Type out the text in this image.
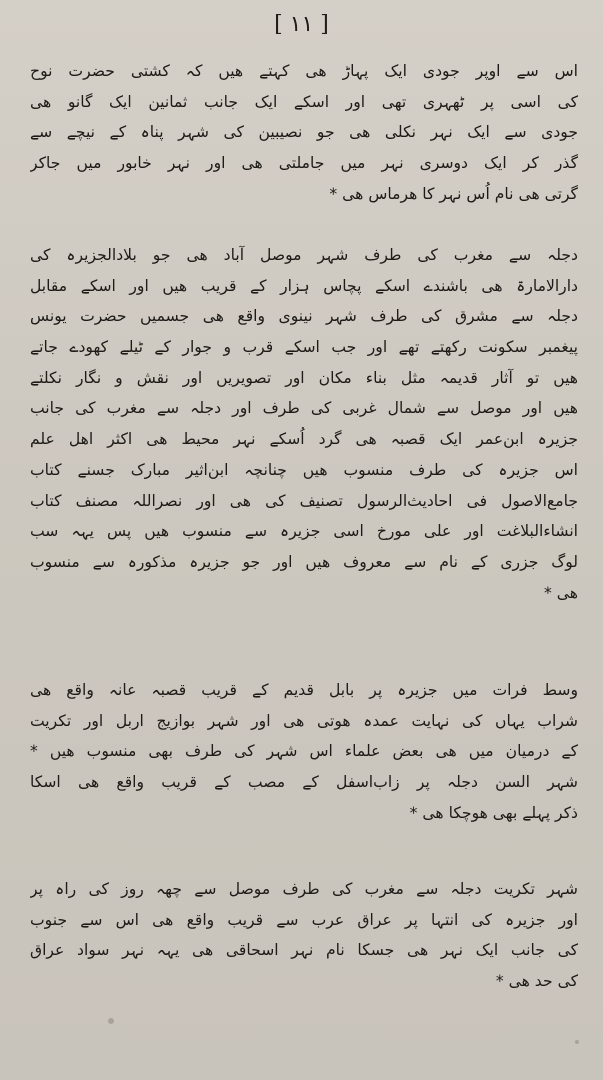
[ ۱۱ ]
اس سے اوپر جودی ایک پہاڑ ھی کہتے ھیں کہ کشتی حضرت نوح
کی اسی پر ٹھہری تھی اور اسکے ایک جانب ثمانین ایک گانو ھی
جودی سے ایک نہر نکلی ھی جو نصیبین کی شہر پناہ کے نیچے سے
گذر کر ایک دوسری نہر میں جاملتی ھی اور نہر خابور میں جاکر
گرتی ھی نام اُس نہر کا ھرماس ھی *
دجلہ سے مغرب کی طرف شہر موصل آباد ھی جو بلادالجزیرہ کی
دارالامارۃ ھی باشندے اسکے پچاس ہزار کے قریب ھیں اور اسکے مقابل
دجلہ سے مشرق کی طرف شہر نینوی واقع ھی جسمیں حضرت یونس
پیغمبر سکونت رکھتے تھے اور جب اسکے قرب و جوار کے ٹیلے کھودے جاتے
ھیں تو آثار قدیمہ مثل بناء مکان اور تصویریں اور نقش و نگار نکلتے
ھیں اور موصل سے شمال غربی کی طرف اور دجلہ سے مغرب کی جانب
جزیرہ ابن‌عمر ایک قصبہ ھی گرد اُسکے نہر محیط ھی اکثر اھل علم
اس جزیرہ کی طرف منسوب ھیں چنانچہ ابن‌اثیر مبارک جسنے کتاب
جامع‌الاصول فی احادیث‌الرسول تصنیف کی ھی اور نصراللہ مصنف کتاب
انشاءالبلاغت اور علی مورخ اسی جزیرہ سے منسوب ھیں پس یہہ سب
لوگ جزری کے نام سے معروف ھیں اور جو جزیرہ مذکورہ سے منسوب
ھی *
وسط فرات میں جزیرہ پر بابل قدیم کے قریب قصبہ عانہ واقع ھی
شراب یہاں کی نہایت عمدہ ھوتی ھی اور شہر بوازیج اربل اور تکریت
کے درمیان میں ھی بعض علماء اس شہر کی طرف بھی منسوب ھیں *
شہر السن دجلہ پر زاب‌اسفل کے مصب کے قریب واقع ھی اسکا
ذکر پہلے بھی ھوچکا ھی *
شہر تکریت دجلہ سے مغرب کی طرف موصل سے چھہ روز کی راہ پر
اور جزیرہ کی انتہا پر عراق عرب سے قریب واقع ھی اس سے جنوب
کی جانب ایک نہر ھی جسکا نام نہر اسحاقی ھی یہہ نہر سواد عراق
کی حد ھی *
